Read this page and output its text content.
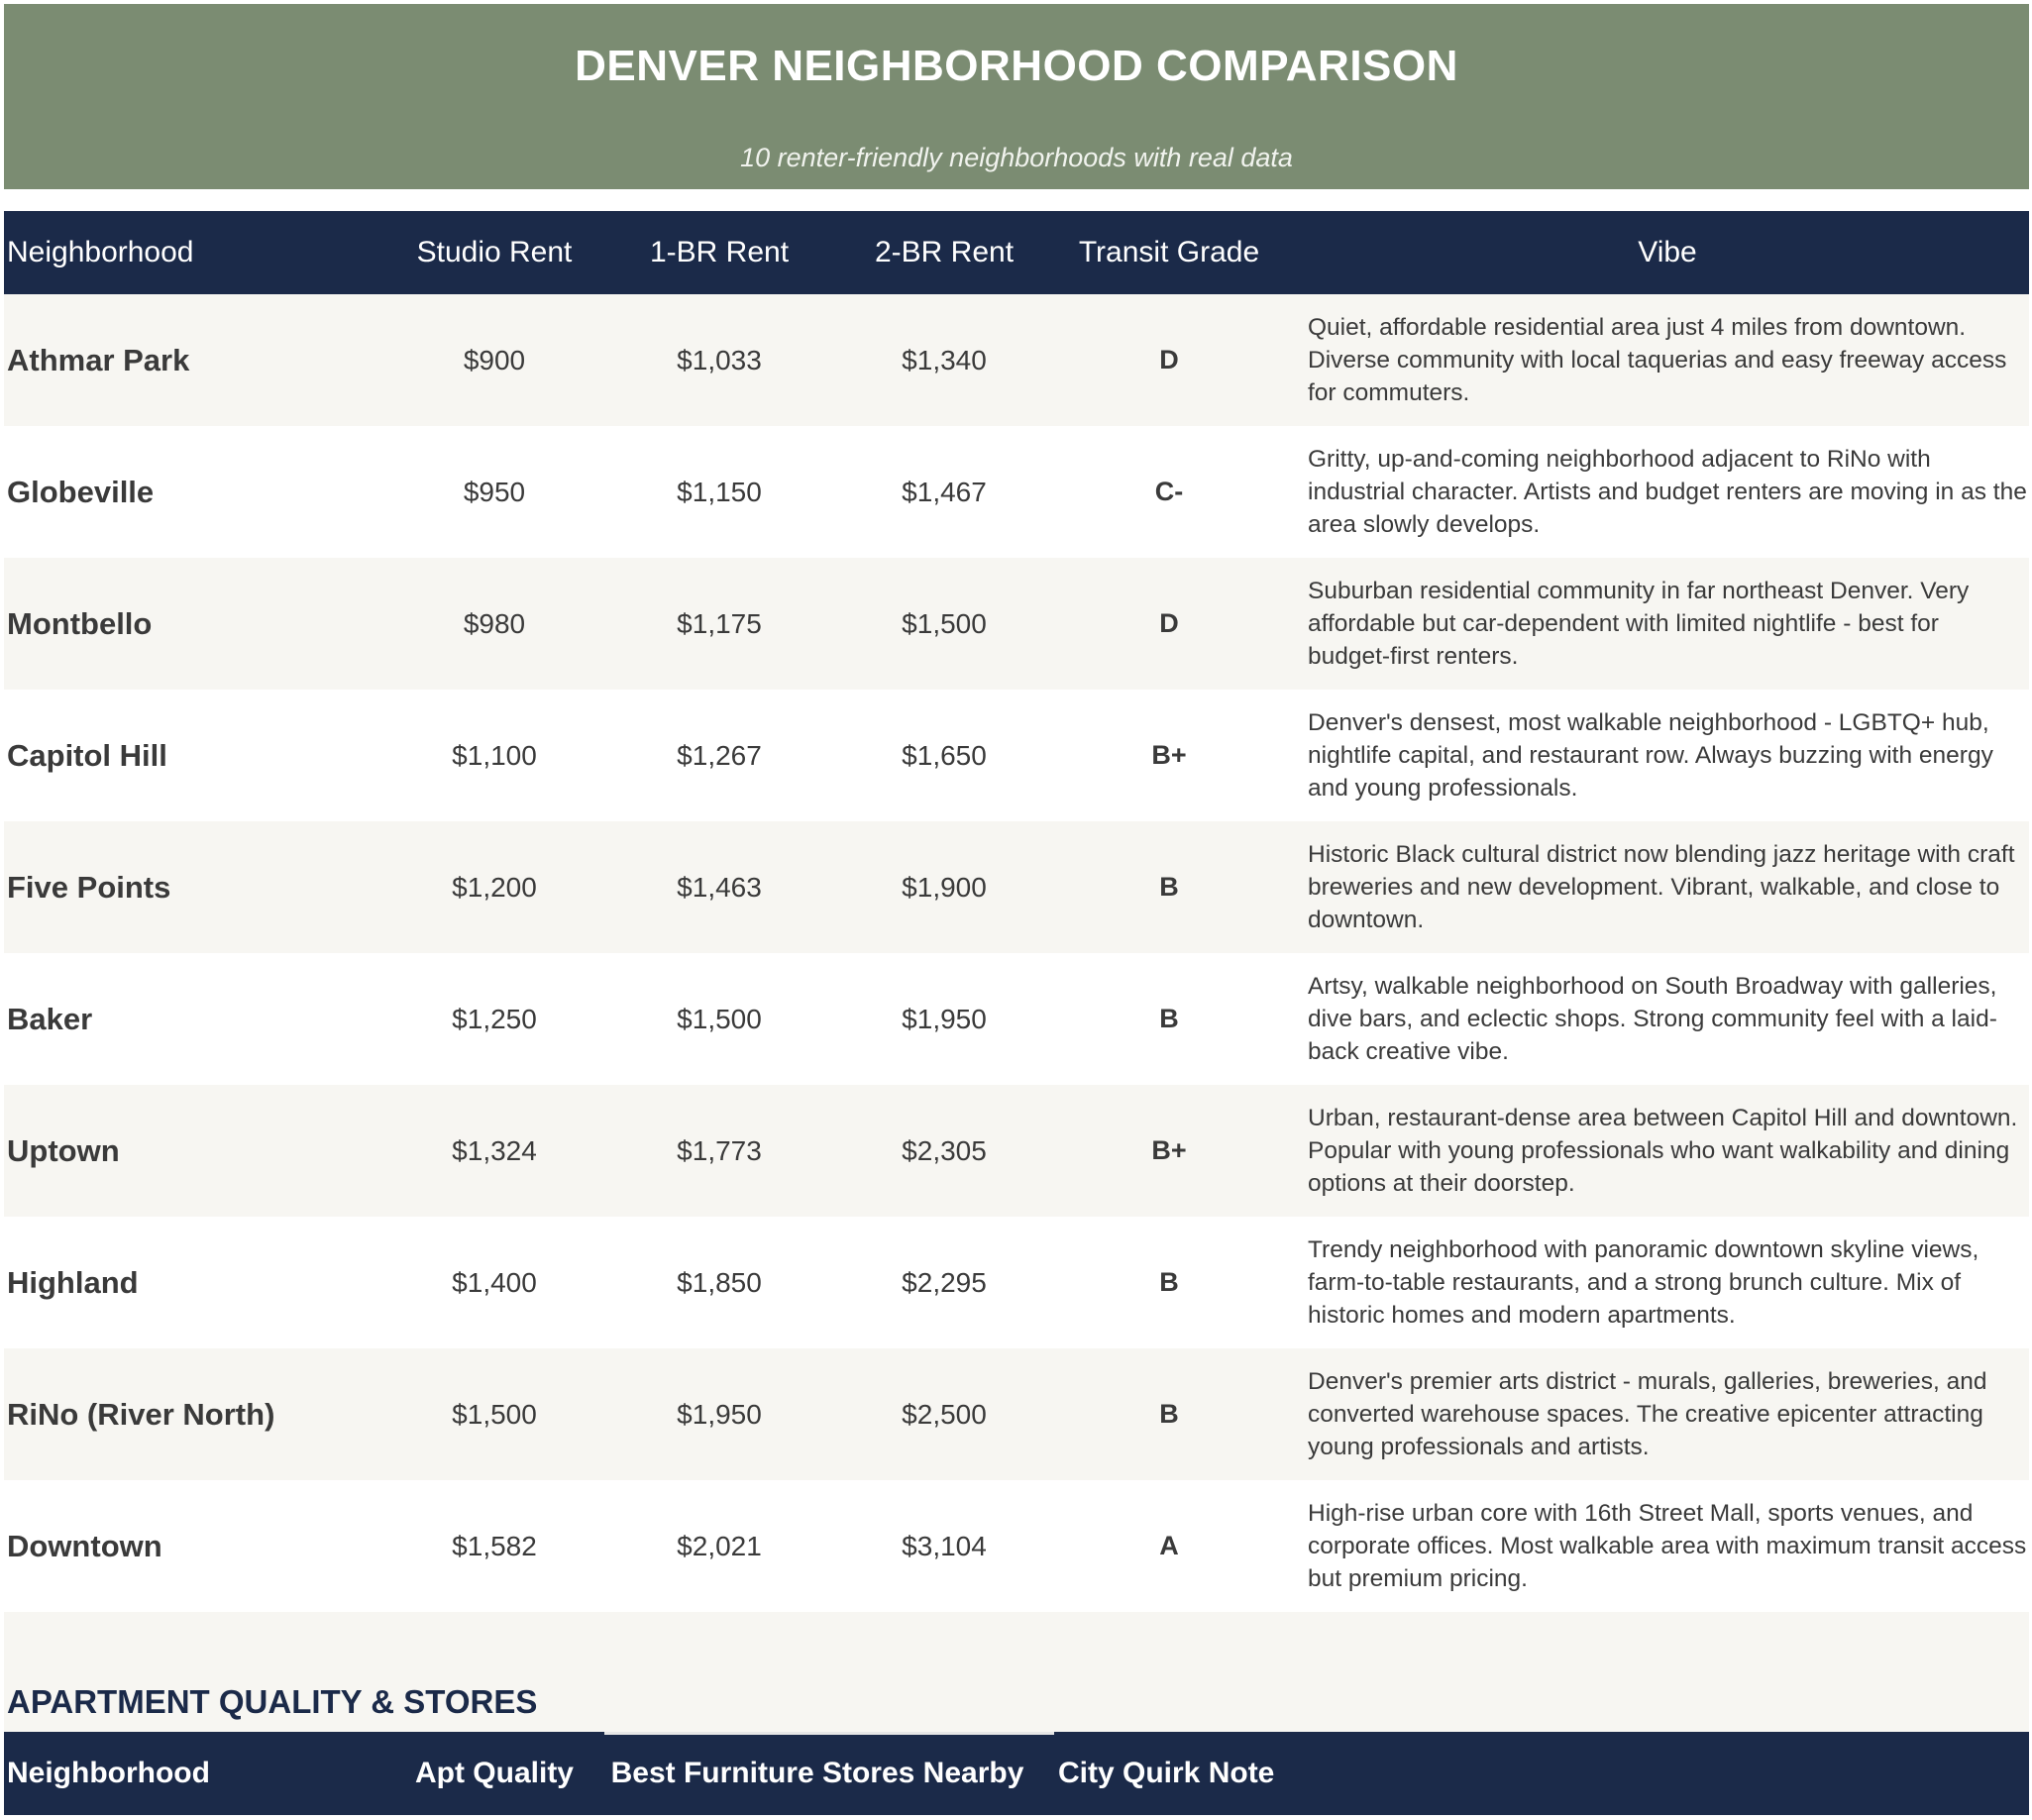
DENVER NEIGHBORHOOD COMPARISON
10 renter-friendly neighborhoods with real data
Neighborhood	Studio Rent	1-BR Rent	2-BR Rent	Transit Grade	Vibe
Athmar Park	$900	$1,033	$1,340	D
Quiet, affordable residential area just 4 miles from downtown. Diverse community with local taquerias and easy freeway access for commuters.
Globeville	$950	$1,150	$1,467	C-
Gritty, up-and-coming neighborhood adjacent to RiNo with industrial character. Artists and budget renters are moving in as the area slowly develops.
Montbello	$980	$1,175	$1,500	D
Suburban residential community in far northeast Denver. Very affordable but car-dependent with limited nightlife - best for budget-first renters.
Capitol Hill	$1,100	$1,267	$1,650	B+
Denver's densest, most walkable neighborhood - LGBTQ+ hub, nightlife capital, and restaurant row. Always buzzing with energy and young professionals.
Five Points	$1,200	$1,463	$1,900	B
Historic Black cultural district now blending jazz heritage with craft breweries and new development. Vibrant, walkable, and close to downtown.
Baker	$1,250	$1,500	$1,950	B
Artsy, walkable neighborhood on South Broadway with galleries, dive bars, and eclectic shops. Strong community feel with a laid-back creative vibe.
Uptown	$1,324	$1,773	$2,305	B+
Urban, restaurant-dense area between Capitol Hill and downtown. Popular with young professionals who want walkability and dining options at their doorstep.
Highland	$1,400	$1,850	$2,295	B
Trendy neighborhood with panoramic downtown skyline views, farm-to-table restaurants, and a strong brunch culture. Mix of historic homes and modern apartments.
RiNo (River North)	$1,500	$1,950	$2,500	B
Denver's premier arts district - murals, galleries, breweries, and converted warehouse spaces. The creative epicenter attracting young professionals and artists.
Downtown	$1,582	$2,021	$3,104	A
High-rise urban core with 16th Street Mall, sports venues, and corporate offices. Most walkable area with maximum transit access but premium pricing.
APARTMENT QUALITY & STORES
Neighborhood	Apt Quality	Best Furniture Stores Nearby	City Quirk Note
